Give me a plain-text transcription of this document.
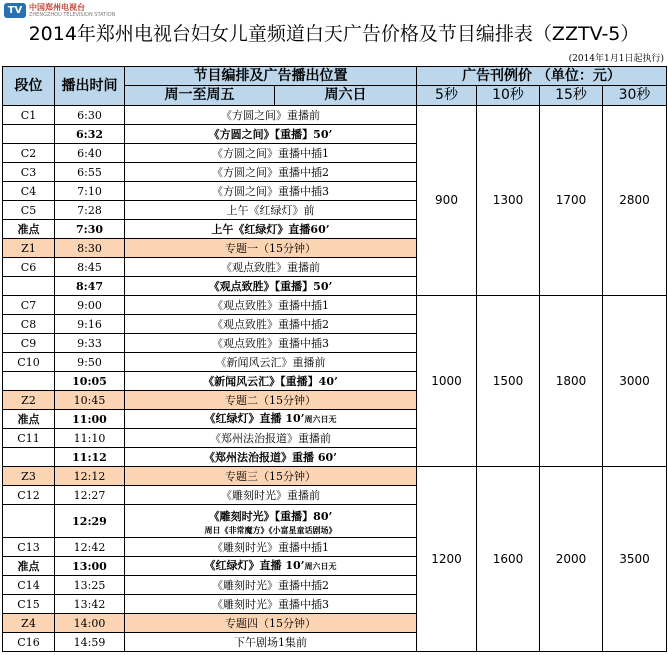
TV 中国郑州电视台
ZHENGZHOU TELEVISION STATION
2014年郑州电视台妇女儿童频道白天广告价格及节目编排表（ZZTV-5）
(2014年1月1日起执行)
段位	播出时间	节目编排及广告播出位置		广告刊例价 （单位：元）			
		周一至周五	周六日	5秒	10秒	15秒	30秒
C1	6:30	《方圆之间》重播前		900	1300	1700	2800
	6:32	《方圆之间》【重播】50’					
C2	6:40	《方圆之间》重播中插1					
C3	6:55	《方圆之间》重播中插2					
C4	7:10	《方圆之间》重播中插3					
C5	7:28	上午《红绿灯》前					
准点	7:30	上午《红绿灯》直播60’					
Z1	8:30	专题一（15分钟）					
C6	8:45	《观点致胜》重播前					
	8:47	《观点致胜》【重播】50’					
C7	9:00	《观点致胜》重播中插1		1000	1500	1800	3000
C8	9:16	《观点致胜》重播中插2					
C9	9:33	《观点致胜》重播中插3					
C10	9:50	《新闻风云汇》重播前					
	10:05	《新闻风云汇》【重播】40’					
Z2	10:45	专题二（15分钟）					
准点	11:00	《红绿灯》直播 10’周六日无					
C11	11:10	《郑州法治报道》重播前					
	11:12	《郑州法治报道》重播 60’					
Z3	12:12	专题三（15分钟）		1200	1600	2000	3500
C12	12:27	《雕刻时光》重播前					
	12:29	《雕刻时光》【重播】80’
周日《非常魔方》《小富星童话剧场》					

C13	12:42	《雕刻时光》重播中插1					
准点	13:00	《红绿灯》直播 10’周六日无					
C14	13:25	《雕刻时光》重播中插2					
C15	13:42	《雕刻时光》重播中插3					
Z4	14:00	专题四（15分钟）					
C16	14:59	下午剧场1集前					
